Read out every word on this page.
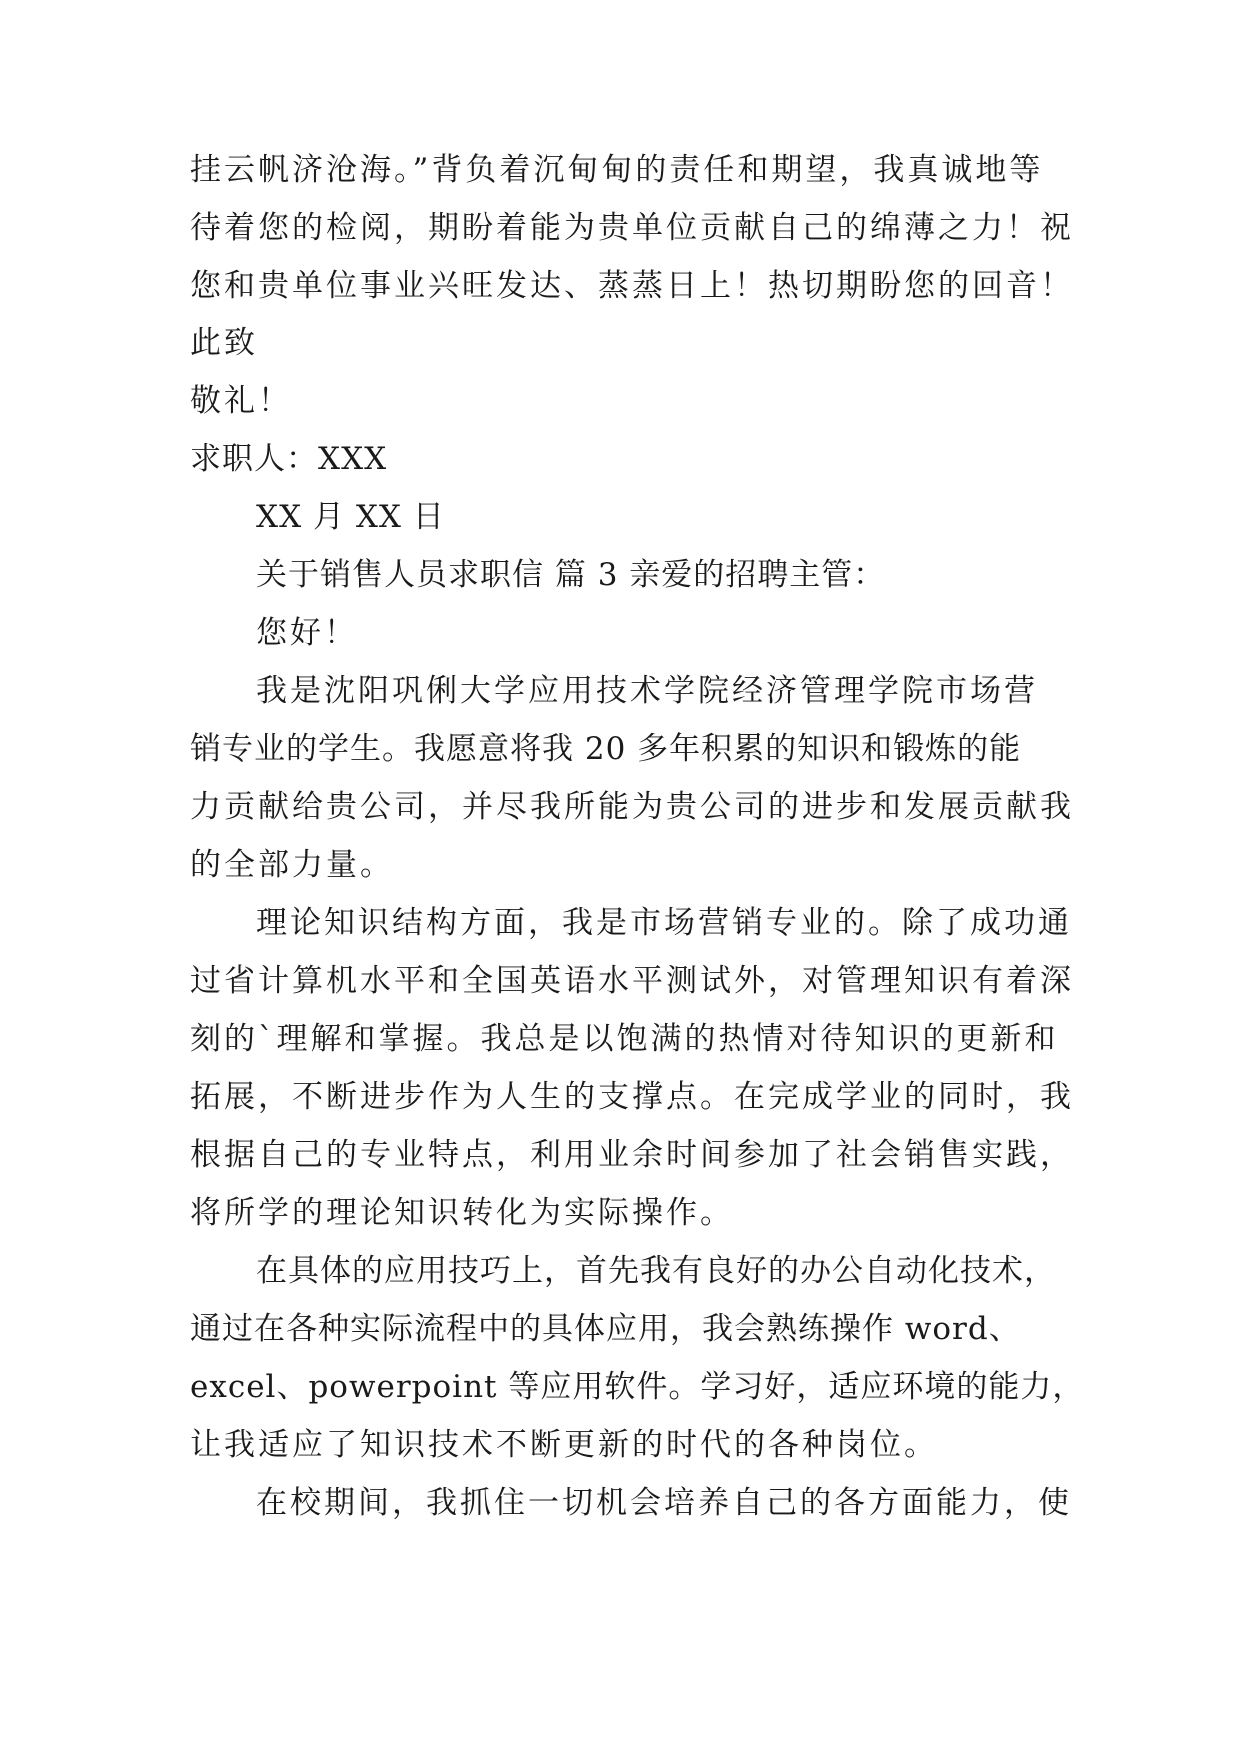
挂云帆济沧海。”背负着沉甸甸的责任和期望，我真诚地等
待着您的检阅，期盼着能为贵单位贡献自己的绵薄之力！祝
您和贵单位事业兴旺发达、蒸蒸日上！热切期盼您的回音！
此致
敬礼！
求职人：XXX
XX 月 XX 日
关于销售人员求职信 篇 3 亲爱的招聘主管：
您好！
我是沈阳巩俐大学应用技术学院经济管理学院市场营
销专业的学生。我愿意将我 20 多年积累的知识和锻炼的能
力贡献给贵公司，并尽我所能为贵公司的进步和发展贡献我
的全部力量。
理论知识结构方面，我是市场营销专业的。除了成功通
过省计算机水平和全国英语水平测试外，对管理知识有着深
刻的`理解和掌握。我总是以饱满的热情对待知识的更新和
拓展，不断进步作为人生的支撑点。在完成学业的同时，我
根据自己的专业特点，利用业余时间参加了社会销售实践，
将所学的理论知识转化为实际操作。
在具体的应用技巧上，首先我有良好的办公自动化技术，
通过在各种实际流程中的具体应用，我会熟练操作 word、
excel、powerpoint 等应用软件。学习好，适应环境的能力，
让我适应了知识技术不断更新的时代的各种岗位。
在校期间，我抓住一切机会培养自己的各方面能力，使
